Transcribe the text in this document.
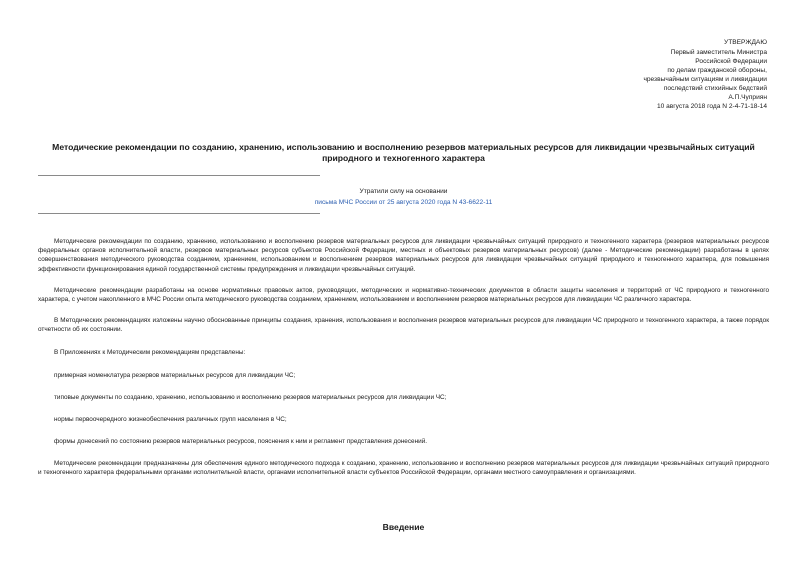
УТВЕРЖДАЮ
Первый заместитель Министра
Российской Федерации
по делам гражданской обороны,
чрезвычайным ситуациям и ликвидации
последствий стихийных бедствий
А.П.Чуприян
10 августа 2018 года N 2-4-71-18-14
Методические рекомендации по созданию, хранению, использованию и восполнению резервов материальных ресурсов для ликвидации чрезвычайных ситуаций природного и техногенного характера
Утратили силу на основании
письма МЧС России от 25 августа 2020 года N 43-6622-11

Методические рекомендации по созданию, хранению, использованию и восполнению резервов материальных ресурсов для ликвидации чрезвычайных ситуаций природного и техногенного характера (резервов материальных ресурсов федеральных органов исполнительной власти, резервов материальных ресурсов субъектов Российской Федерации, местных и объектовых резервов материальных ресурсов) (далее - Методические рекомендации) разработаны в целях совершенствования методического руководства созданием, хранением, использованием и восполнением резервов материальных ресурсов для ликвидации чрезвычайных ситуаций природного и техногенного характера, для повышения эффективности функционирования единой государственной системы предупреждения и ликвидации чрезвычайных ситуаций.

Методические рекомендации разработаны на основе нормативных правовых актов, руководящих, методических и нормативно-технических документов в области защиты населения и территорий от ЧС природного и техногенного характера, с учетом накопленного в МЧС России опыта методического руководства созданием, хранением, использованием и восполнением резервов материальных ресурсов для ликвидации ЧС различного характера.

В Методических рекомендациях изложены научно обоснованные принципы создания, хранения, использования и восполнения резервов материальных ресурсов для ликвидации ЧС природного и техногенного характера, а также порядок отчетности об их состоянии.

В Приложениях к Методическим рекомендациям представлены:

примерная номенклатура резервов материальных ресурсов для ликвидации ЧС;

типовые документы по созданию, хранению, использованию и восполнению резервов материальных ресурсов для ликвидации ЧС;

нормы первоочередного жизнеобеспечения различных групп населения в ЧС;

формы донесений по состоянию резервов материальных ресурсов, пояснения к ним и регламент представления донесений.

Методические рекомендации предназначены для обеспечения единого методического подхода к созданию, хранению, использованию и восполнению резервов материальных ресурсов для ликвидации чрезвычайных ситуаций природного и техногенного характера федеральными органами исполнительной власти, органами исполнительной власти субъектов Российской Федерации, органами местного самоуправления и организациями.

Введение
